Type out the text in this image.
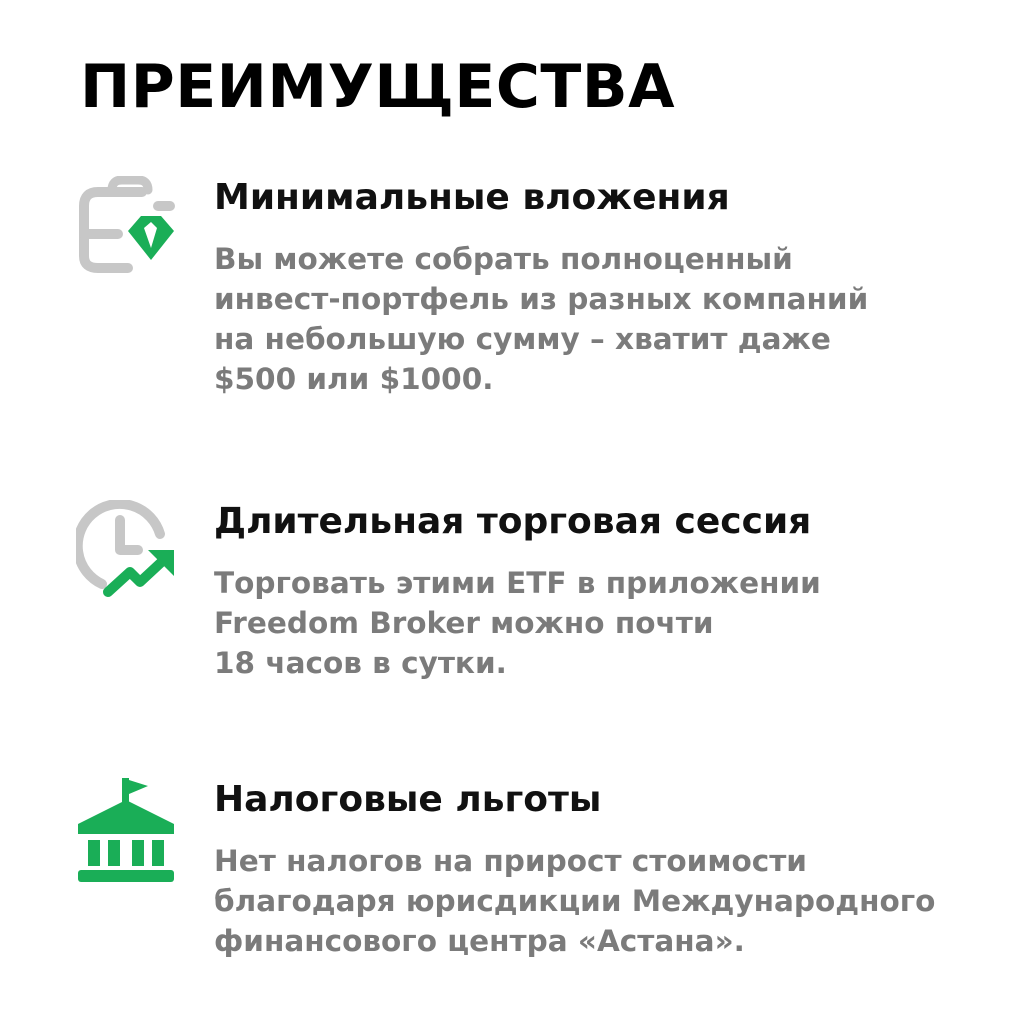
ПРЕИМУЩЕСТВА
Минимальные вложения

Вы можете собрать полноценный
инвест-портфель из разных компаний
на небольшую сумму – хватит даже
$500 или $1000.

Длительная торговая сессия

Торговать этими ETF в приложении
Freedom Broker можно почти
18 часов в сутки.

Налоговые льготы

Нет налогов на прирост стоимости
благодаря юрисдикции Международного
финансового центра «Астана».
